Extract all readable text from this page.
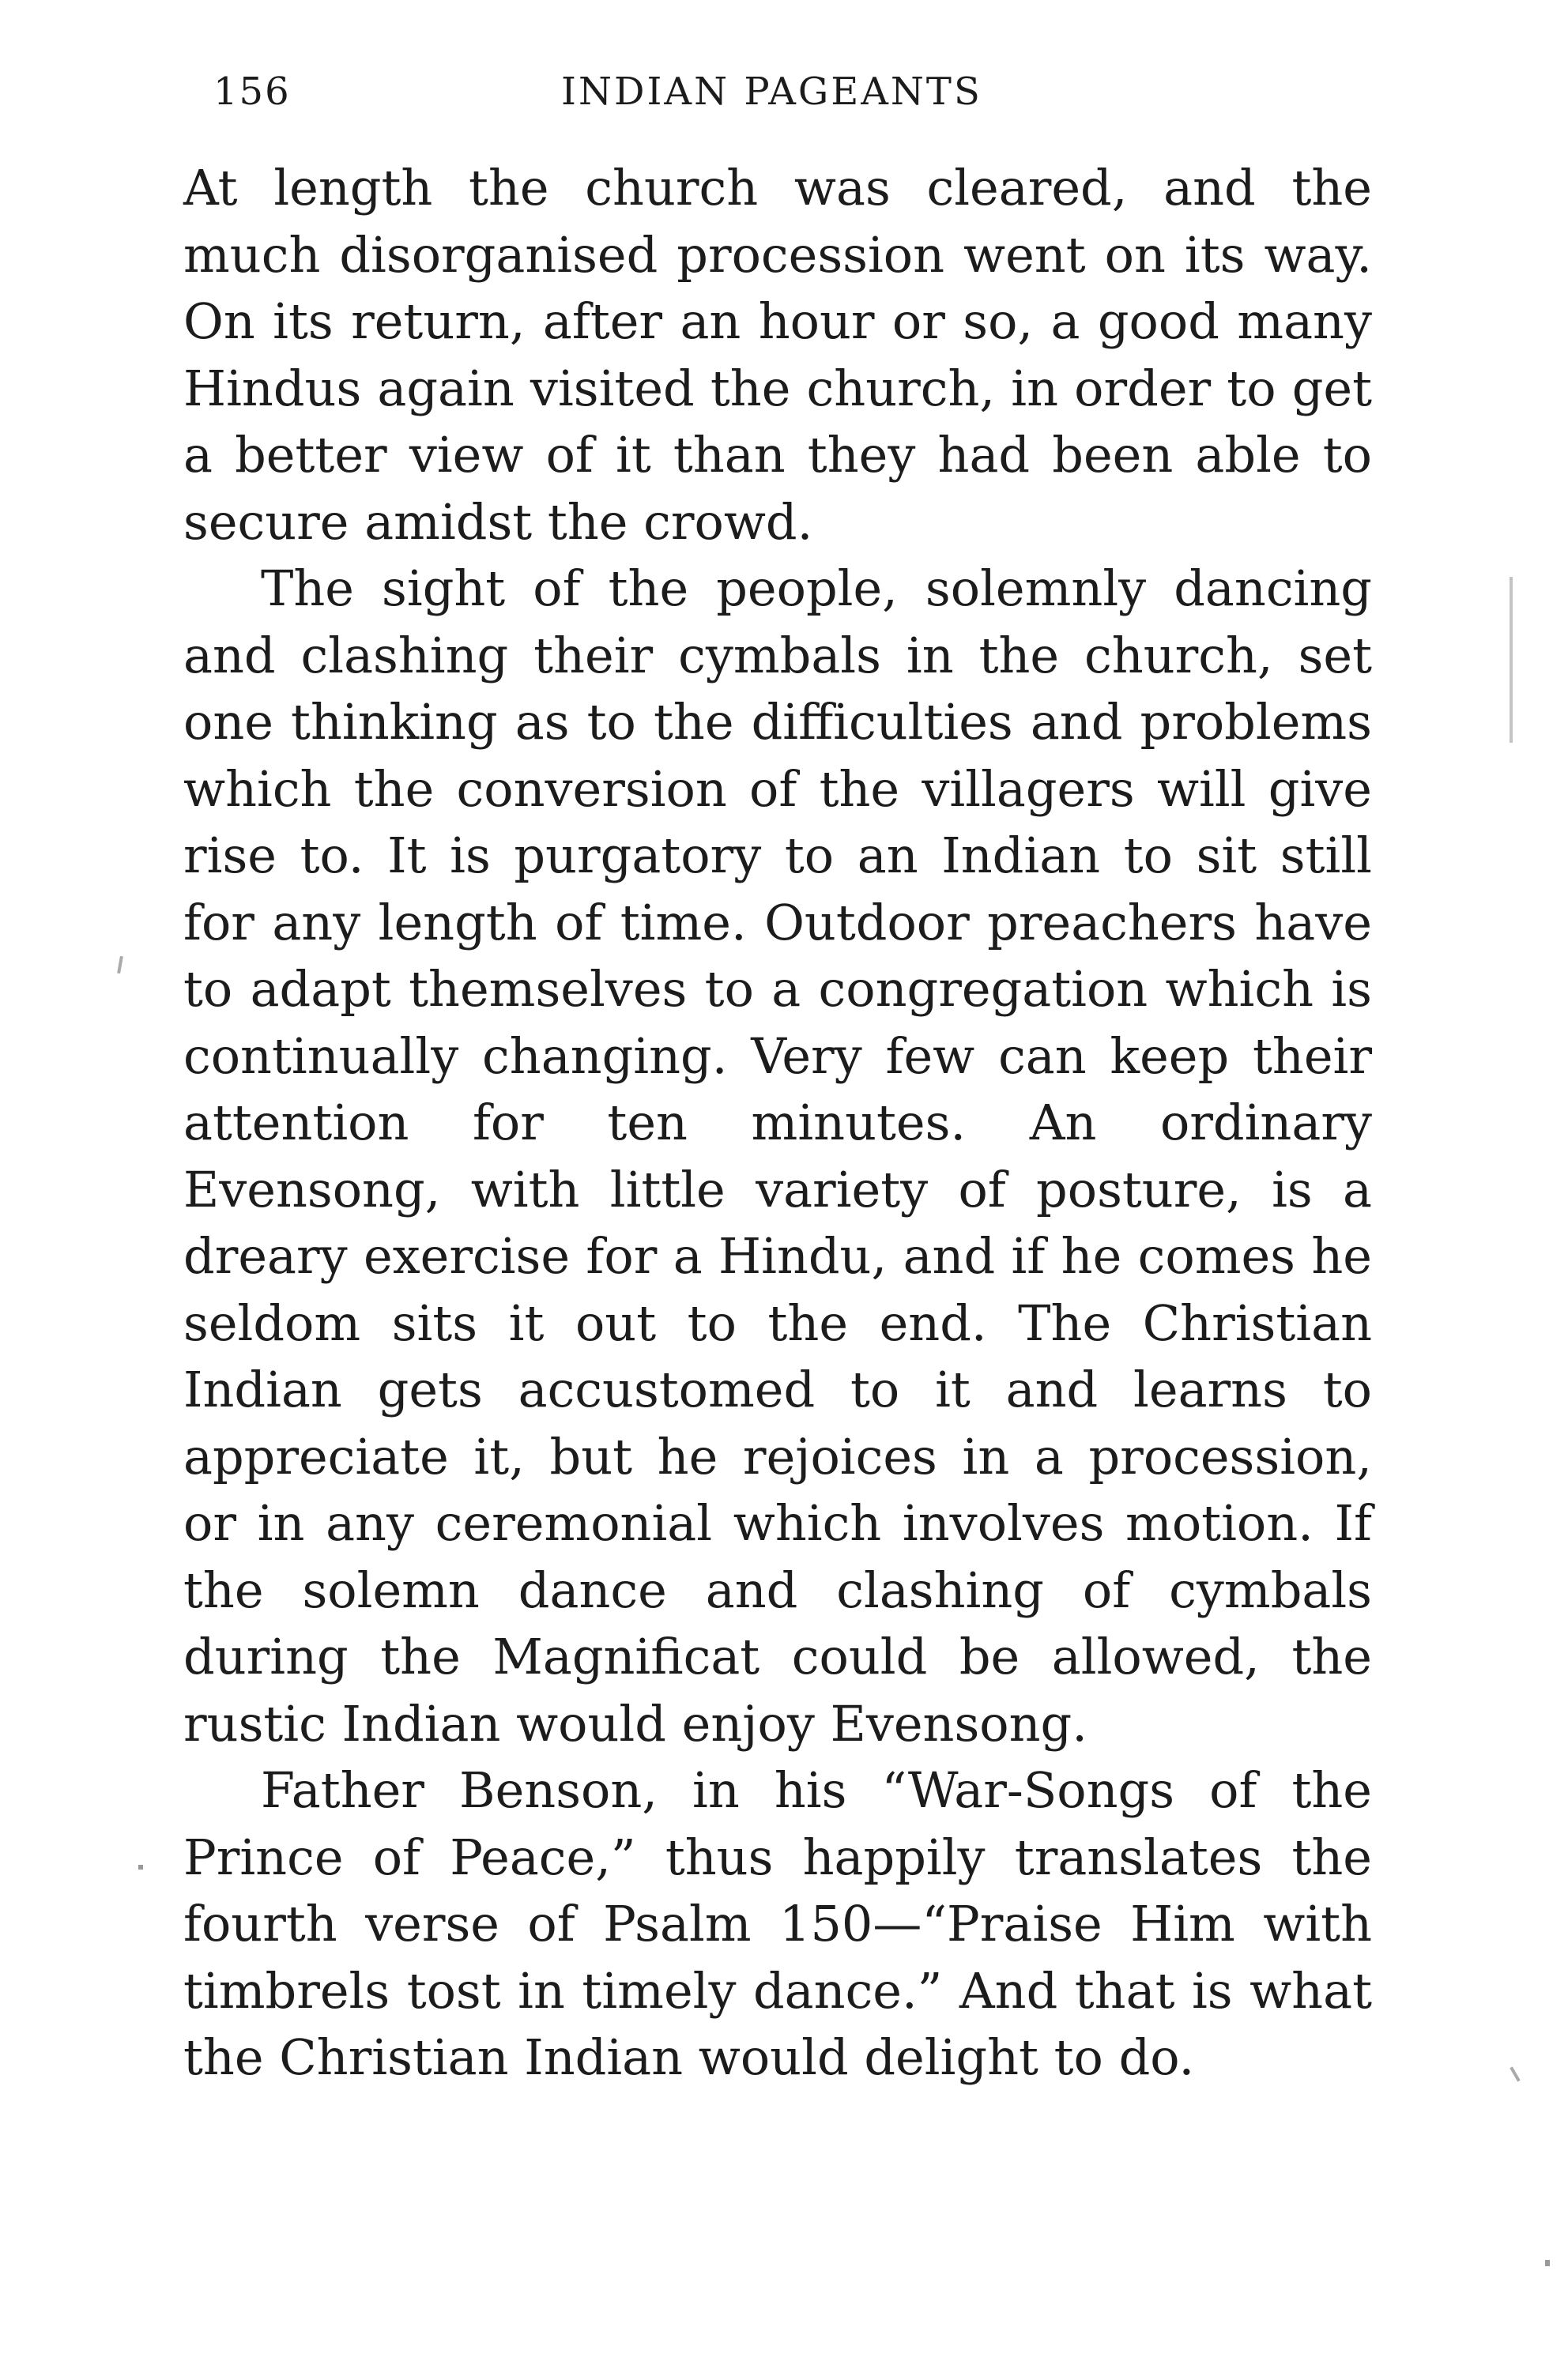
156	INDIAN PAGEANTS

At length the church was cleared, and the much disorganised procession went on its way. On its return, after an hour or so, a good many Hindus again visited the church, in order to get a better view of it than they had been able to secure amidst the crowd.

The sight of the people, solemnly dancing and clashing their cymbals in the church, set one thinking as to the difficulties and problems which the conversion of the villagers will give rise to. It is purgatory to an Indian to sit still for any length of time. Outdoor preachers have to adapt themselves to a congregation which is continually changing. Very few can keep their attention for ten minutes. An ordinary Evensong, with little variety of posture, is a dreary exercise for a Hindu, and if he comes he seldom sits it out to the end. The Christian Indian gets accustomed to it and learns to appreciate it, but he rejoices in a procession, or in any ceremonial which involves motion. If the solemn dance and clashing of cymbals during the Magnificat could be allowed, the rustic Indian would enjoy Evensong.

Father Benson, in his “War-Songs of the Prince of Peace,” thus happily translates the fourth verse of Psalm 150—“Praise Him with timbrels tost in timely dance.” And that is what the Christian Indian would delight to do.
